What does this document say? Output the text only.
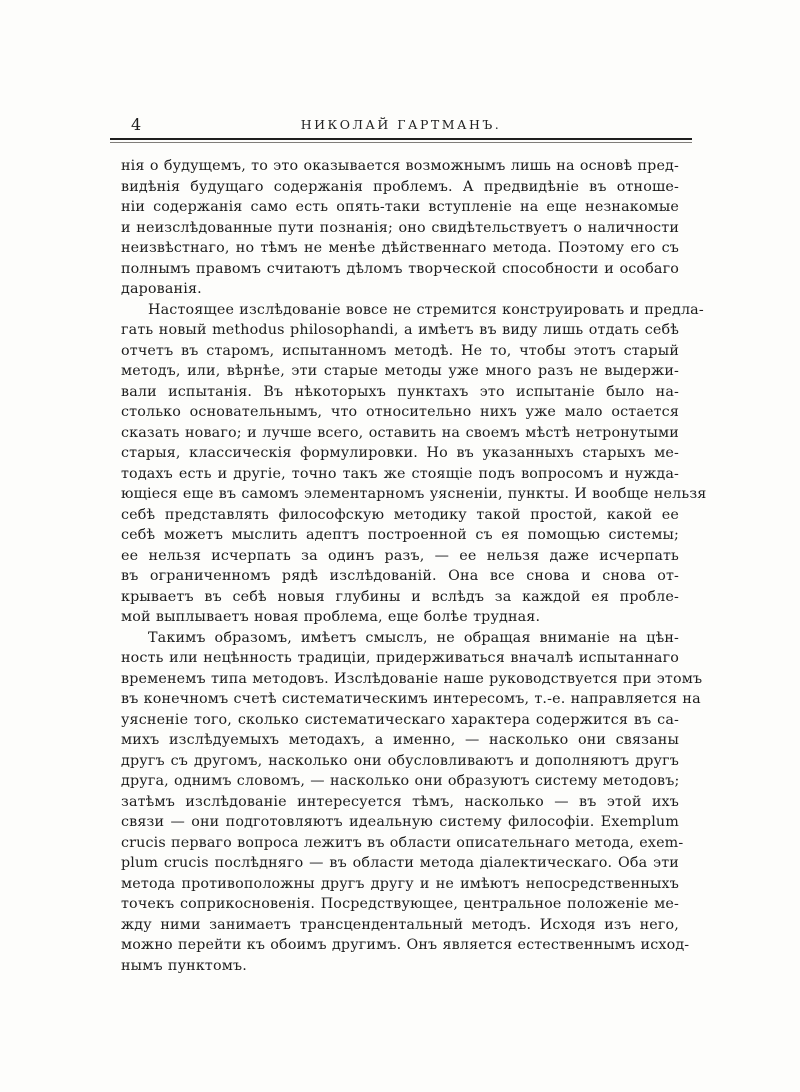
4	НИКОЛАЙ ГАРТМАНЪ.
нія о будущемъ, то это оказывается возможнымъ лишь на основѣ пред-
видѣнія будущаго содержанія проблемъ. А предвидѣніе въ отноше-
ніи содержанія само есть опять-таки вступленіе на еще незнакомые
и неизслѣдованные пути познанія; оно свидѣтельствуетъ о наличности
неизвѣстнаго, но тѣмъ не менѣе дѣйственнаго метода. Поэтому его съ
полнымъ правомъ считаютъ дѣломъ творческой способности и особаго
дарованія.
Настоящее изслѣдованіе вовсе не стремится конструировать и предла-
гать новый methodus philosophandi, а имѣетъ въ виду лишь отдать себѣ
отчетъ въ старомъ, испытанномъ методѣ. Не то, чтобы этотъ старый
методъ, или, вѣрнѣе, эти старые методы уже много разъ не выдержи-
вали испытанія. Въ нѣкоторыхъ пунктахъ это испытаніе было на-
столько основательнымъ, что относительно нихъ уже мало остается
сказать новаго; и лучше всего, оставить на своемъ мѣстѣ нетронутыми
старыя, классическія формулировки. Но въ указанныхъ старыхъ ме-
тодахъ есть и другіе, точно такъ же стоящіе подъ вопросомъ и нужда-
ющіеся еще въ самомъ элементарномъ уясненіи, пункты. И вообще нельзя
себѣ представлять философскую методику такой простой, какой ее
себѣ можетъ мыслить адептъ построенной съ ея помощью системы;
ее нельзя исчерпать за одинъ разъ, — ее нельзя даже исчерпать
въ ограниченномъ рядѣ изслѣдованій. Она все снова и снова от-
крываетъ въ себѣ новыя глубины и вслѣдъ за каждой ея пробле-
мой выплываетъ новая проблема, еще болѣе трудная.
Такимъ образомъ, имѣетъ смыслъ, не обращая вниманіе на цѣн-
ность или нецѣнность традиціи, придерживаться вначалѣ испытаннаго
временемъ типа методовъ. Изслѣдованіе наше руководствуется при этомъ
въ конечномъ счетѣ систематическимъ интересомъ, т.-е. направляется на
уясненіе того, сколько систематическаго характера содержится въ са-
михъ изслѣдуемыхъ методахъ, а именно, — насколько они связаны
другъ съ другомъ, насколько они обусловливаютъ и дополняютъ другъ
друга, однимъ словомъ, — насколько они образуютъ систему методовъ;
затѣмъ изслѣдованіе интересуется тѣмъ, насколько — въ этой ихъ
связи — они подготовляютъ идеальную систему философіи. Exemplum
crucis перваго вопроса лежитъ въ области описательнаго метода, exem-
plum crucis послѣдняго — въ области метода діалектическаго. Оба эти
метода противоположны другъ другу и не имѣютъ непосредственныхъ
точекъ соприкосновенія. Посредствующее, центральное положеніе ме-
жду ними занимаетъ трансцендентальный методъ. Исходя изъ него,
можно перейти къ обоимъ другимъ. Онъ является естественнымъ исход-
нымъ пунктомъ.
